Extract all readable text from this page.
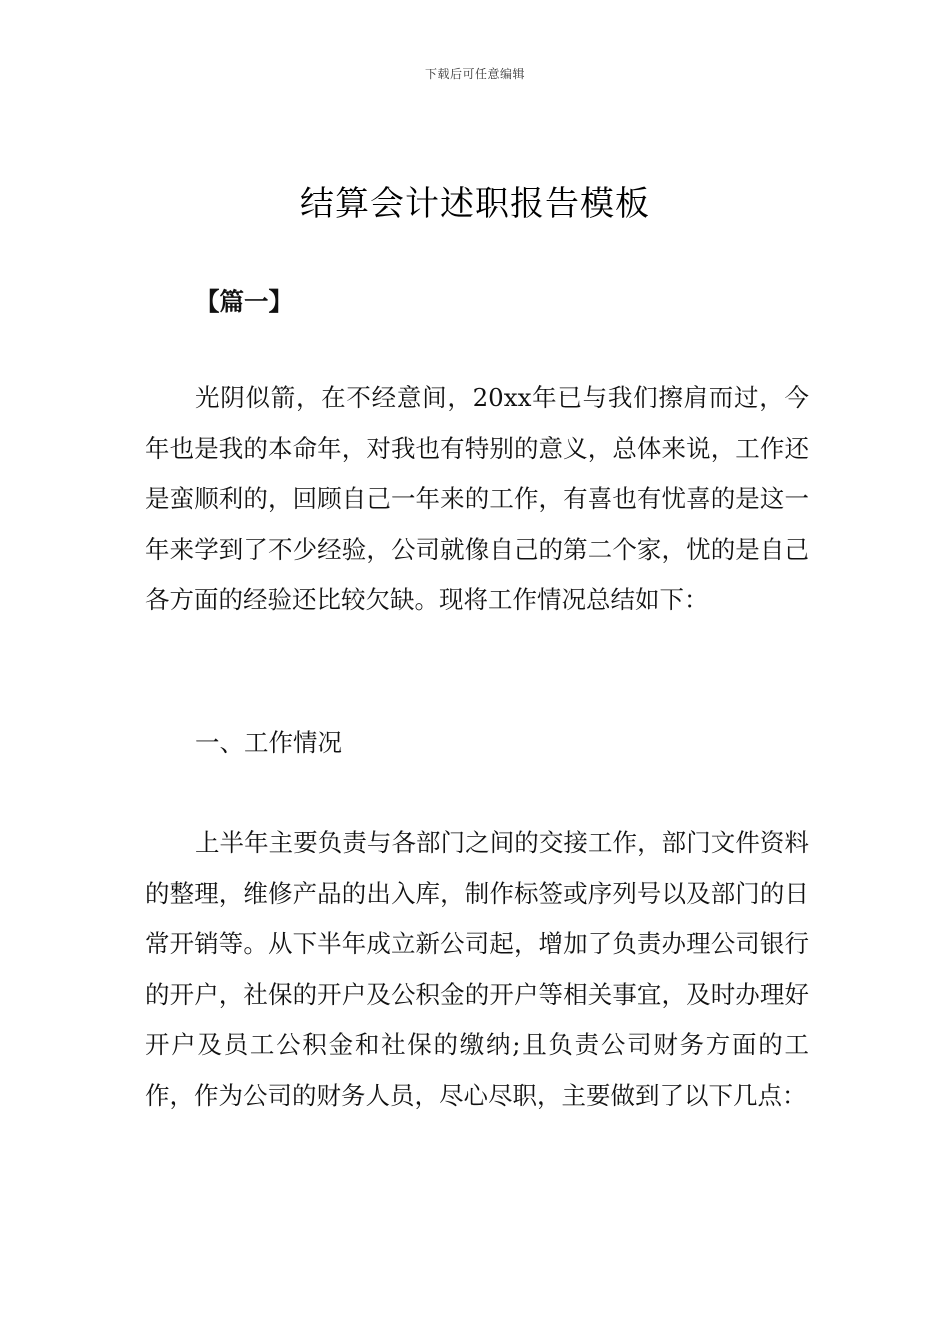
下载后可任意编辑
结算会计述职报告模板

【篇一】

光阴似箭，在不经意间，20xx年已与我们擦肩而过，今年也是我的本命年，对我也有特别的意义，总体来说，工作还是蛮顺利的，回顾自己一年来的工作，有喜也有忧喜的是这一年来学到了不少经验，公司就像自己的第二个家，忧的是自己各方面的经验还比较欠缺。现将工作情况总结如下：

一、工作情况

上半年主要负责与各部门之间的交接工作，部门文件资料的整理，维修产品的出入库，制作标签或序列号以及部门的日常开销等。从下半年成立新公司起，增加了负责办理公司银行的开户，社保的开户及公积金的开户等相关事宜，及时办理好开户及员工公积金和社保的缴纳;且负责公司财务方面的工作，作为公司的财务人员，尽心尽职，主要做到了以下几点：
